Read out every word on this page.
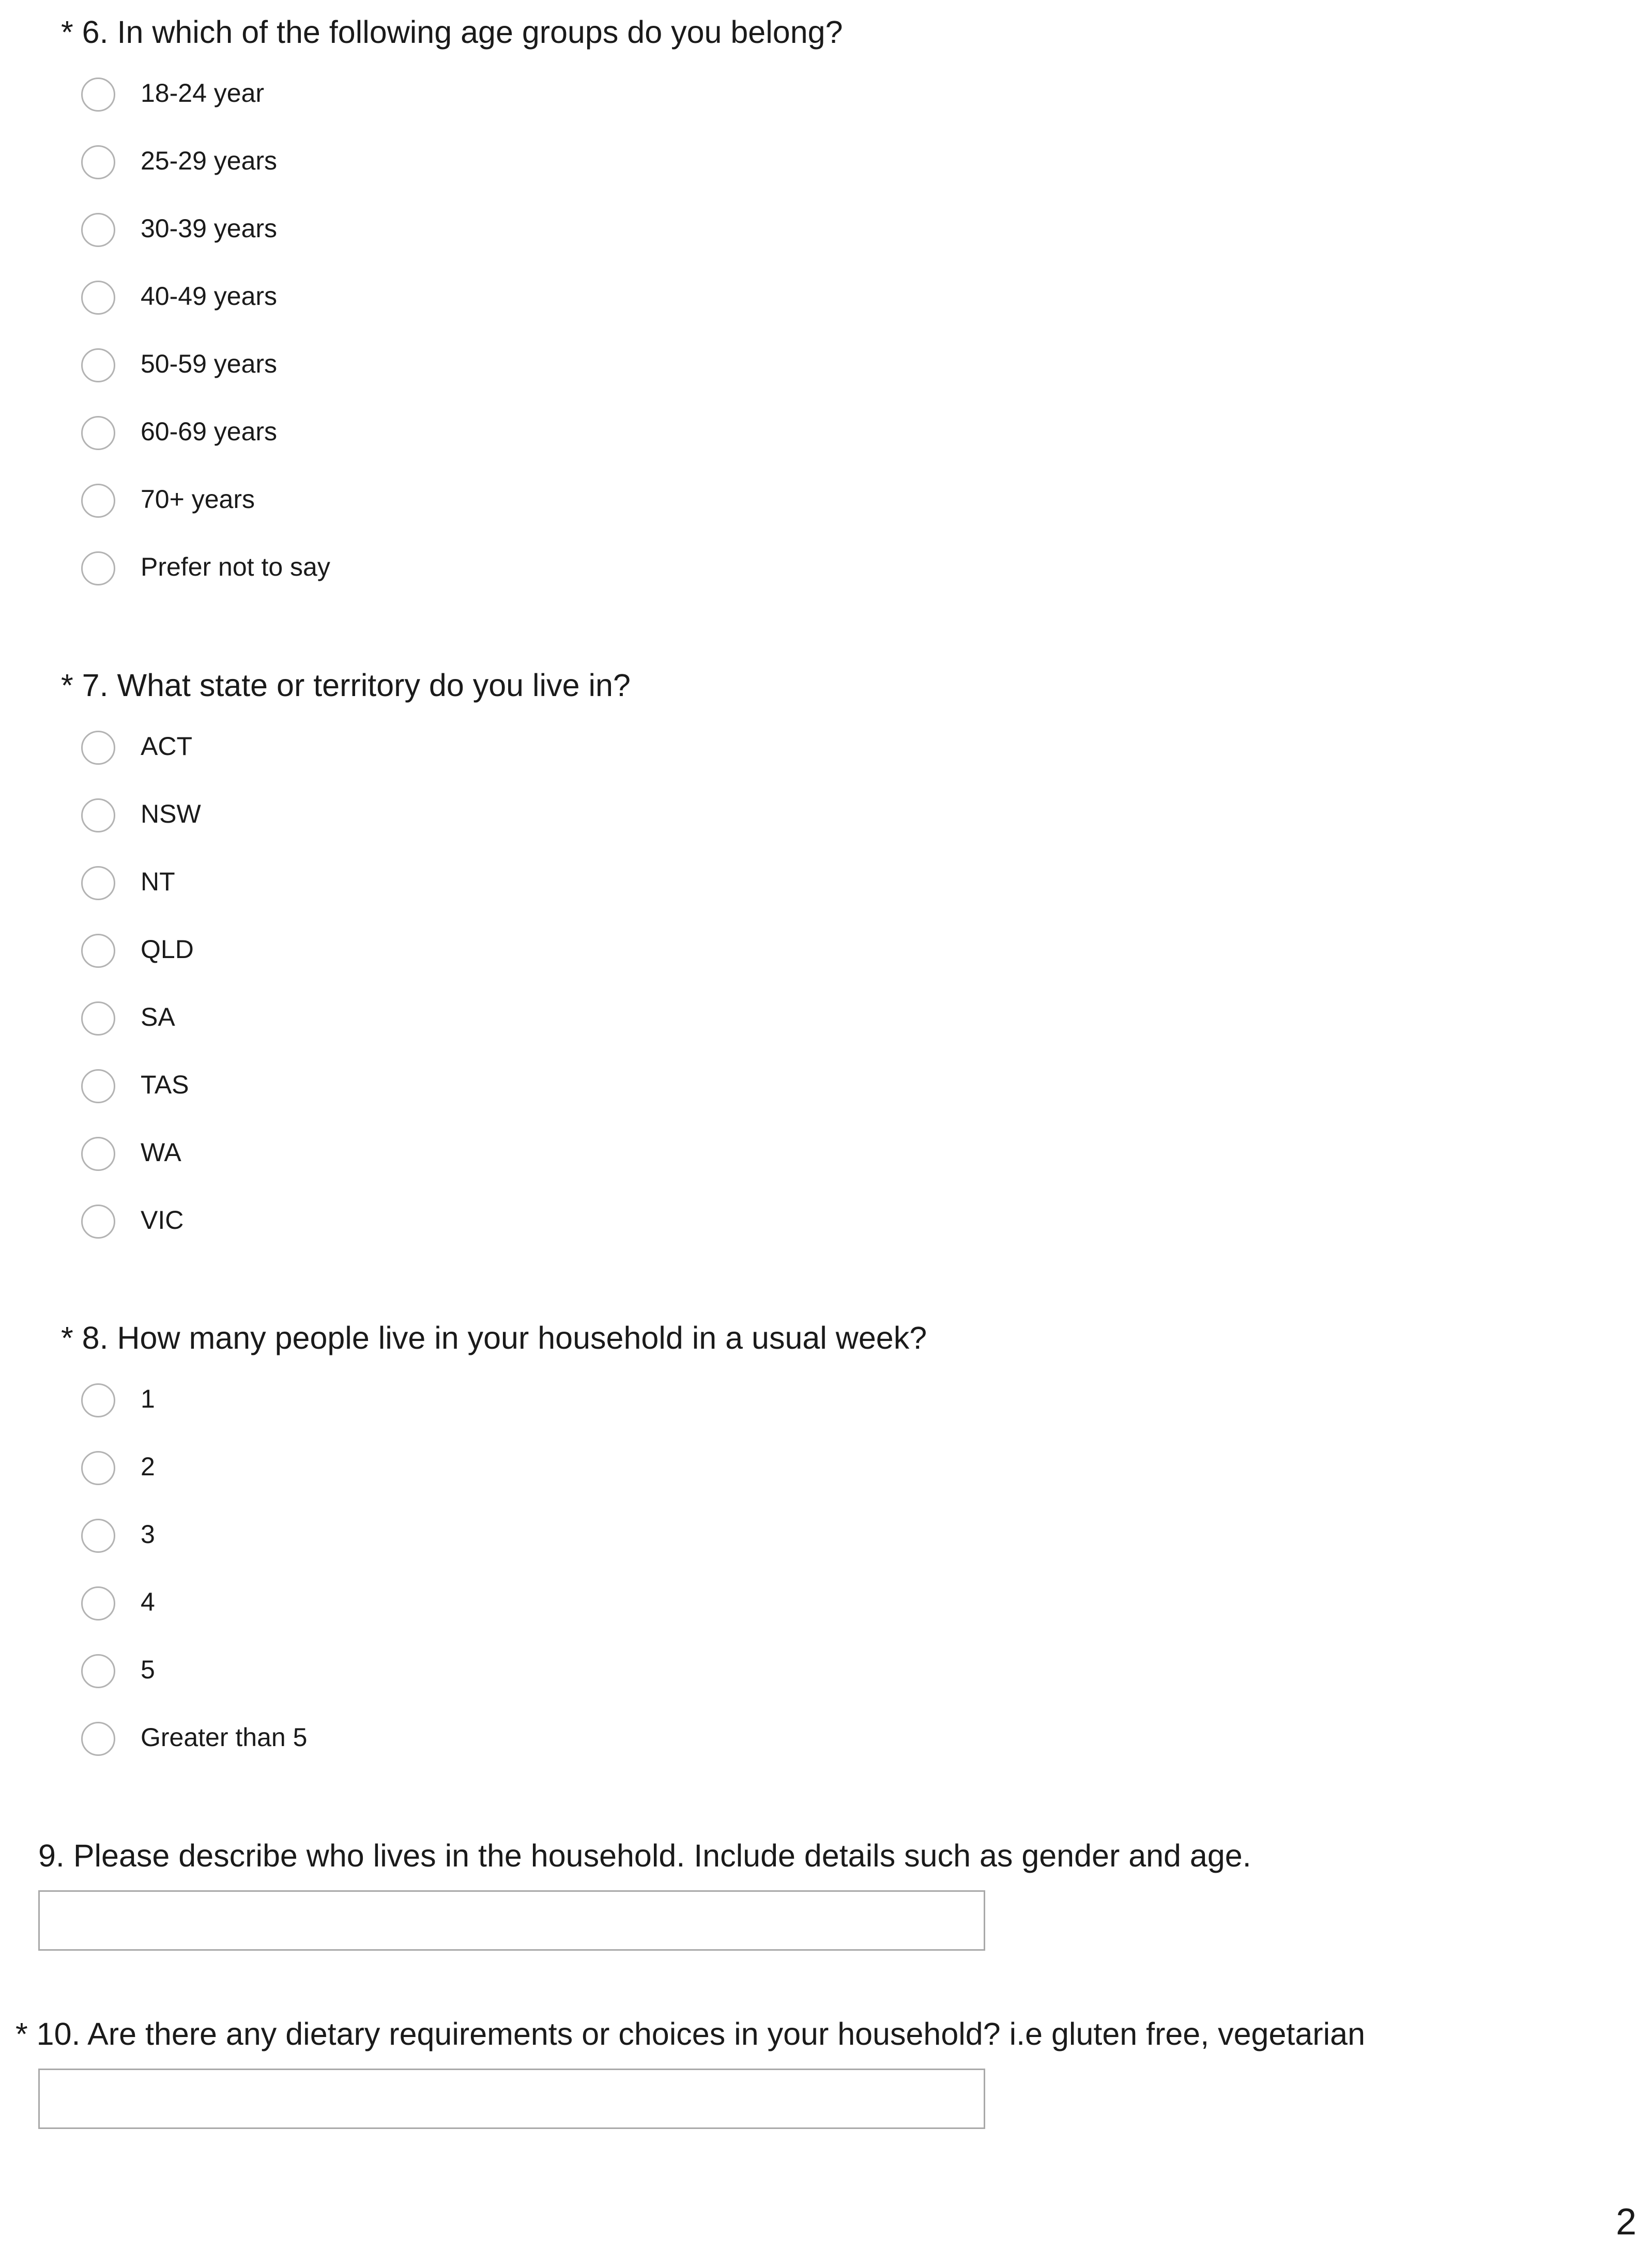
* 6. In which of the following age groups do you belong?
18-24 year
25-29 years
30-39 years
40-49 years
50-59 years
60-69 years
70+ years
Prefer not to say
* 7. What state or territory do you live in?
ACT
NSW
NT
QLD
SA
TAS
WA
VIC
* 8. How many people live in your household in a usual week?
1
2
3
4
5
Greater than 5
9. Please describe who lives in the household. Include details such as gender and age.
* 10. Are there any dietary requirements or choices in your household? i.e gluten free, vegetarian
2
